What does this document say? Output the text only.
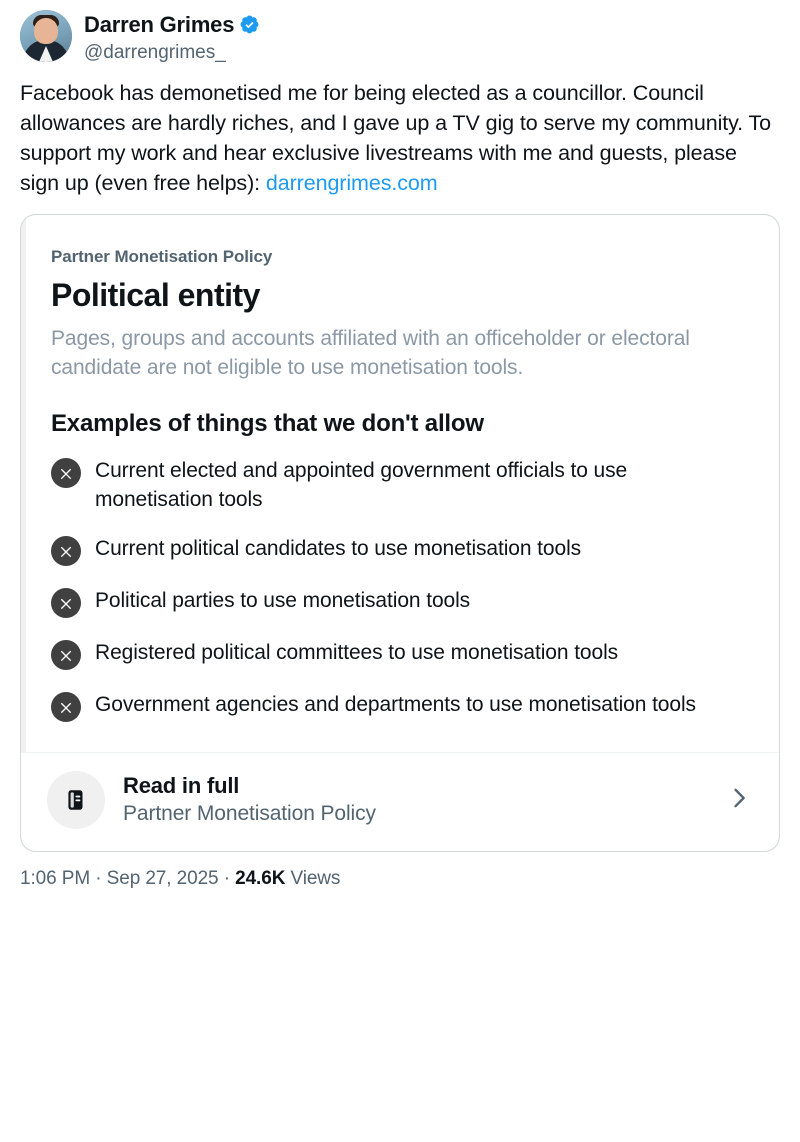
Darren Grimes
@darrengrimes_

Facebook has demonetised me for being elected as a councillor. Council allowances are hardly riches, and I gave up a TV gig to serve my community. To support my work and hear exclusive livestreams with me and guests, please sign up (even free helps): darrengrimes.com

Partner Monetisation Policy
Political entity

Pages, groups and accounts affiliated with an officeholder or electoral candidate are not eligible to use monetisation tools.

Examples of things that we don't allow
Current elected and appointed government officials to use monetisation tools
Current political candidates to use monetisation tools
Political parties to use monetisation tools
Registered political committees to use monetisation tools
Government agencies and departments to use monetisation tools
Read in full
Partner Monetisation Policy
1:06 PM · Sep 27, 2025 · 24.6K Views
